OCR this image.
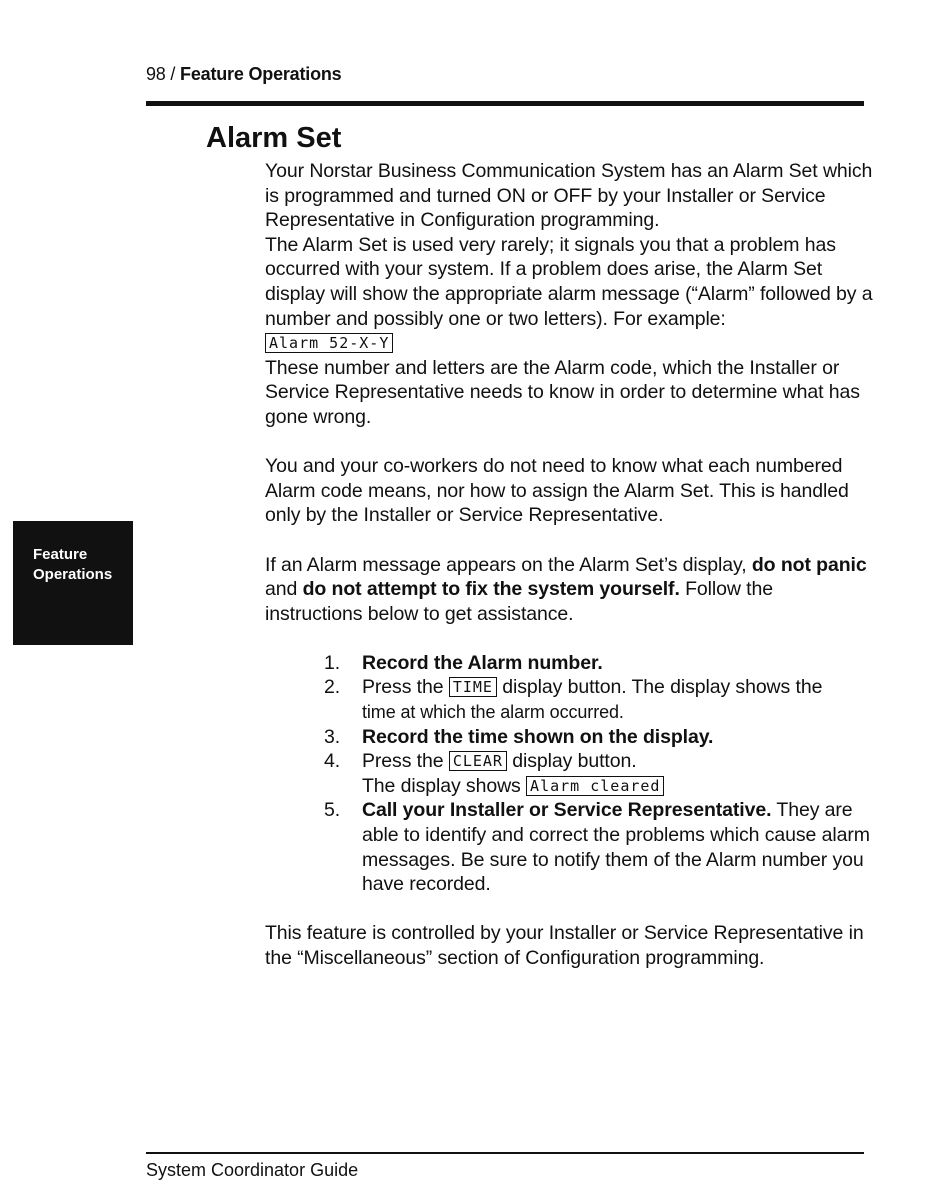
98 / Feature Operations
Feature
Operations
Alarm Set

Your Norstar Business Communication System has an Alarm Set which is programmed and turned ON or OFF by your Installer or Service Representative in Configuration programming.

The Alarm Set is used very rarely; it signals you that a problem has occurred with your system. If a problem does arise, the Alarm Set display will show the appropriate alarm message (“Alarm” followed by a number and possibly one or two letters). For example:

Alarm 52-X-Y

These number and letters are the Alarm code, which the Installer or Service Representative needs to know in order to determine what has gone wrong.

You and your co-workers do not need to know what each numbered Alarm code means, nor how to assign the Alarm Set. This is handled only by the Installer or Service Representative.

If an Alarm message appears on the Alarm Set’s display, do not panic and do not attempt to fix the system yourself. Follow the instructions below to get assistance.

1.	Record the Alarm number.
2.	Press the TIME display button. The display shows the
time at which the alarm occurred.
3.	Record the time shown on the display.
4.	Press the CLEAR display button.
The display shows Alarm cleared
5.	Call your Installer or Service Representative. They are able to identify and correct the problems which cause alarm messages. Be sure to notify them of the Alarm number you have recorded.

This feature is controlled by your Installer or Service Representative in the “Miscellaneous” section of Configuration programming.

System Coordinator Guide
